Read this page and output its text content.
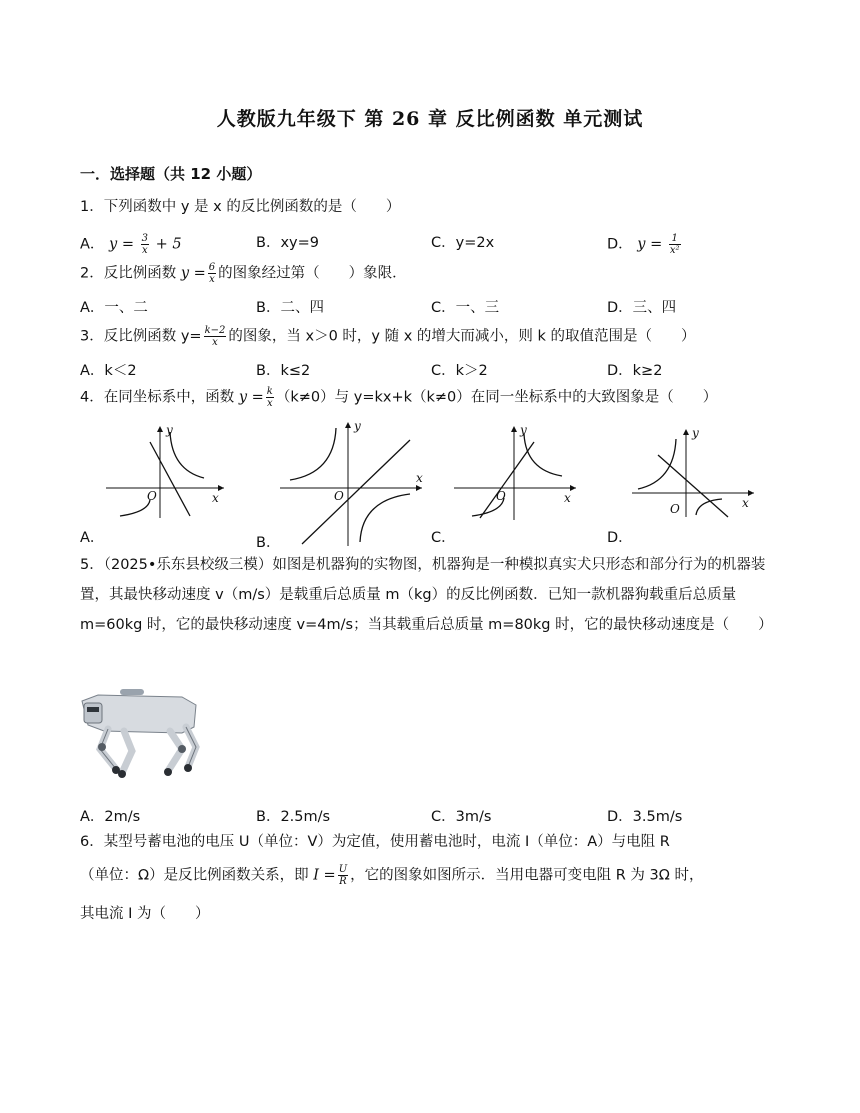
人教版九年级下 第 26 章 反比例函数 单元测试
一．选择题（共 12 小题）
1．下列函数中 y 是 x 的反比例函数的是（　　）
A． $y = \frac{3}{x} + 5$	B．xy=9	C．y=2x	D． $y = \frac{1}{\text{x²}}$
2．反比例函数 $y = \frac{6}{x}$ 的图象经过第（　　）象限．
A．一、二	B．二、四	C．一、三	D．三、四
3．反比例函数 $y= \frac{k-2}{x}$ 的图象，当 x＞0 时，y 随 x 的增大而减小，则 k 的取值范围是（　　）
A．k＜2	B．k≤2	C．k＞2	D．k≥2
4．在同坐标系中，函数 $y = \frac{k}{x} (k\ne 0)$与 y=kx+k（k≠0）在同一坐标系中的大致图象是（　　）
A．
x
y
O
B．
x
y
O
C．
x
y
O
D．
x
y
O
5．（2025•乐东县校级三模）如图是机器狗的实物图，机器狗是一种模拟真实犬只形态和部分行为的机器装置，其最快移动速度 v（m/s）是载重后总质量 m（kg）的反比例函数．已知一款机器狗载重后总质量 m=60kg 时，它的最快移动速度 v=4m/s；当其载重后总质量 m=80kg 时，它的最快移动速度是（　　）
A．2m/s	B．2.5m/s	C．3m/s	D．3.5m/s
6．某型号蓄电池的电压 U（单位：V）为定值，使用蓄电池时，电流 I（单位：A）与电阻 R
（单位：Ω）是反比例函数关系，即 $I = \frac{U}{R}$ ，它的图象如图所示．当用电器可变电阻 R 为 3Ω 时，
其电流 I 为（　　）
